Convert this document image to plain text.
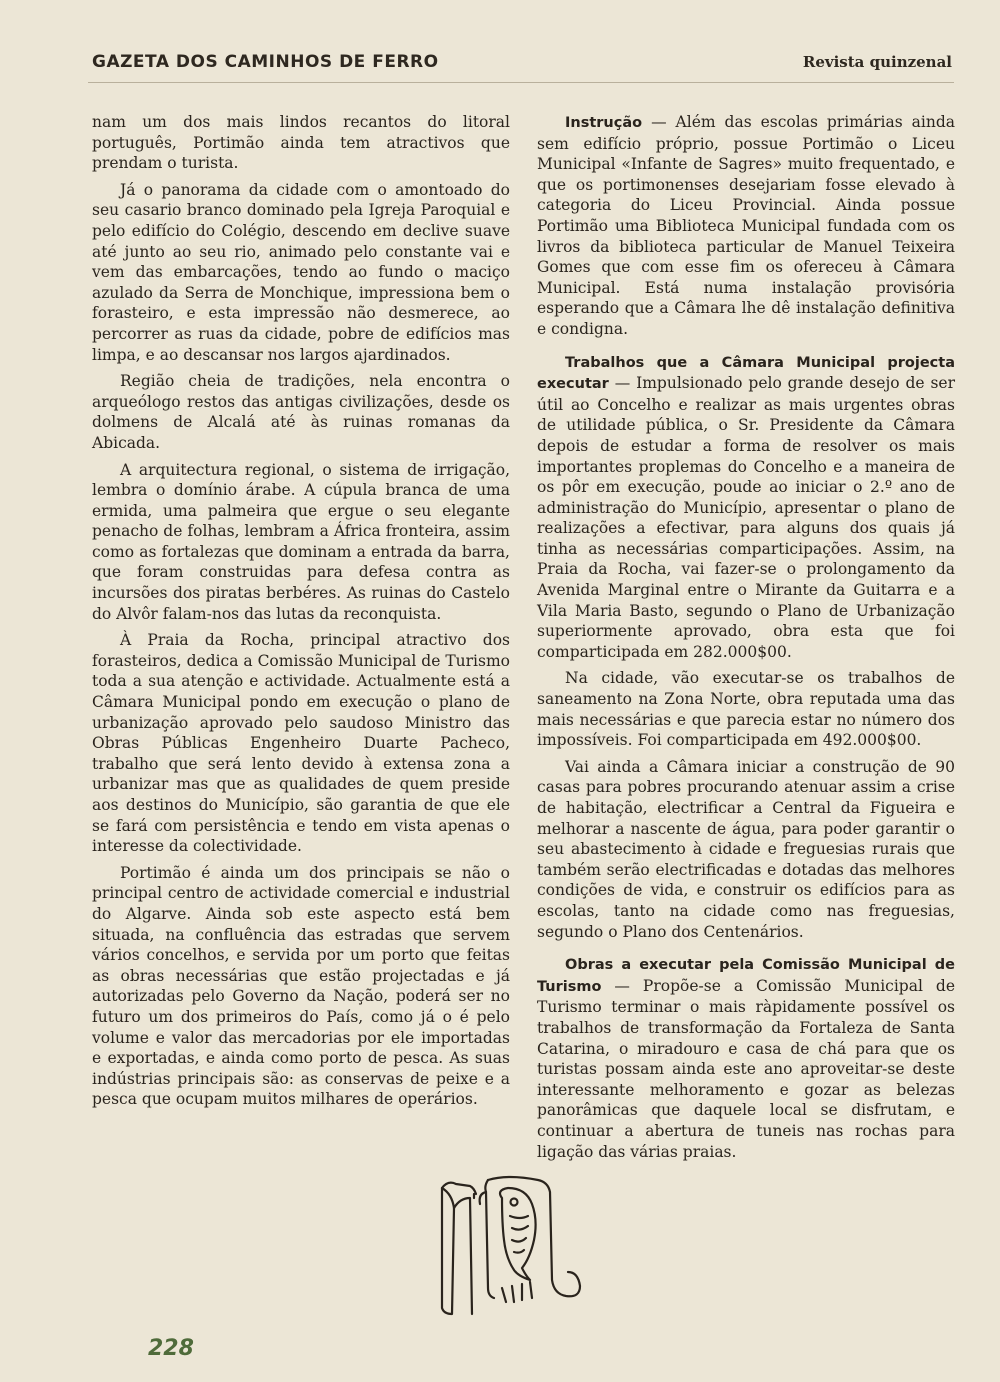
GAZETA DOS CAMINHOS DE FERRO	Revista quinzenal

nam um dos mais lindos recantos do litoral português, Portimão ainda tem atractivos que prendam o turista.

Já o panorama da cidade com o amontoado do seu casario branco dominado pela Igreja Paroquial e pelo edifício do Colégio, descendo em declive suave até junto ao seu rio, animado pelo constante vai e vem das embarcações, tendo ao fundo o maciço azulado da Serra de Monchique, impressiona bem o forasteiro, e esta impressão não desmerece, ao percorrer as ruas da cidade, pobre de edifícios mas limpa, e ao descansar nos largos ajardinados.

Região cheia de tradições, nela encontra o arqueólogo restos das antigas civilizações, desde os dolmens de Alcalá até às ruinas romanas da Abicada.

A arquitectura regional, o sistema de irrigação, lembra o domínio árabe. A cúpula branca de uma ermida, uma palmeira que ergue o seu elegante penacho de folhas, lembram a África fronteira, assim como as fortalezas que dominam a entrada da barra, que foram construidas para defesa contra as incursões dos piratas berbéres. As ruinas do Castelo do Alvôr falam-nos das lutas da reconquista.

À Praia da Rocha, principal atractivo dos forasteiros, dedica a Comissão Municipal de Turismo toda a sua atenção e actividade. Actualmente está a Câmara Municipal pondo em execução o plano de urbanização aprovado pelo saudoso Ministro das Obras Públicas Engenheiro Duarte Pacheco, trabalho que será lento devido à extensa zona a urbanizar mas que as qualidades de quem preside aos destinos do Município, são garantia de que ele se fará com persistência e tendo em vista apenas o interesse da colectividade.

Portimão é ainda um dos principais se não o principal centro de actividade comercial e industrial do Algarve. Ainda sob este aspecto está bem situada, na confluência das estradas que servem vários concelhos, e servida por um porto que feitas as obras necessárias que estão projectadas e já autorizadas pelo Governo da Nação, poderá ser no futuro um dos primeiros do País, como já o é pelo volume e valor das mercadorias por ele importadas e exportadas, e ainda como porto de pesca. As suas indústrias principais são: as conservas de peixe e a pesca que ocupam muitos milhares de operários.

Instrução — Além das escolas primárias ainda sem edifício próprio, possue Portimão o Liceu Municipal «Infante de Sagres» muito frequentado, e que os portimonenses desejariam fosse elevado à categoria do Liceu Provincial. Ainda possue Portimão uma Biblioteca Municipal fundada com os livros da biblioteca particular de Manuel Teixeira Gomes que com esse fim os ofereceu à Câmara Municipal. Está numa instalação provisória esperando que a Câmara lhe dê instalação definitiva e condigna.

Trabalhos que a Câmara Municipal projecta executar — Impulsionado pelo grande desejo de ser útil ao Concelho e realizar as mais urgentes obras de utilidade pública, o Sr. Presidente da Câmara depois de estudar a forma de resolver os mais importantes proplemas do Concelho e a maneira de os pôr em execução, poude ao iniciar o 2.º ano de administração do Município, apresentar o plano de realizações a efectivar, para alguns dos quais já tinha as necessárias comparticipações. Assim, na Praia da Rocha, vai fazer-se o prolongamento da Avenida Marginal entre o Mirante da Guitarra e a Vila Maria Basto, segundo o Plano de Urbanização superiormente aprovado, obra esta que foi comparticipada em 282.000$00.

Na cidade, vão executar-se os trabalhos de saneamento na Zona Norte, obra reputada uma das mais necessárias e que parecia estar no número dos impossíveis. Foi comparticipada em 492.000$00.

Vai ainda a Câmara iniciar a construção de 90 casas para pobres procurando atenuar assim a crise de habitação, electrificar a Central da Figueira e melhorar a nascente de água, para poder garantir o seu abastecimento à cidade e freguesias rurais que também serão electrificadas e dotadas das melhores condições de vida, e construir os edifícios para as escolas, tanto na cidade como nas freguesias, segundo o Plano dos Centenários.

Obras a executar pela Comissão Municipal de Turismo — Propõe-se a Comissão Municipal de Turismo terminar o mais ràpidamente possível os trabalhos de transformação da Fortaleza de Santa Catarina, o miradouro e casa de chá para que os turistas possam ainda este ano aproveitar-se deste interessante melhoramento e gozar as belezas panorâmicas que daquele local se disfrutam, e continuar a abertura de tuneis nas rochas para ligação das várias praias.

228
